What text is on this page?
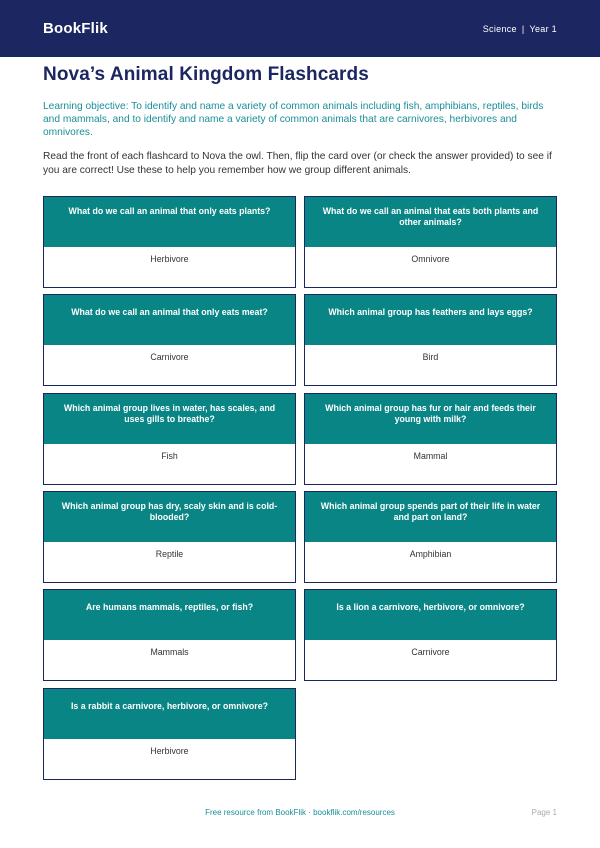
BookFlik	Science | Year 1
Nova’s Animal Kingdom Flashcards

Learning objective: To identify and name a variety of common animals including fish, amphibians, reptiles, birds and mammals, and to identify and name a variety of common animals that are carnivores, herbivores and omnivores.

Read the front of each flashcard to Nova the owl. Then, flip the card over (or check the answer provided) to see if you are correct! Use these to help you remember how we group different animals.

What do we call an animal that only eats plants?
Herbivore
What do we call an animal that eats both plants and other animals?
Omnivore
What do we call an animal that only eats meat?
Carnivore
Which animal group has feathers and lays eggs?
Bird
Which animal group lives in water, has scales, and uses gills to breathe?
Fish
Which animal group has fur or hair and feeds their young with milk?
Mammal
Which animal group has dry, scaly skin and is cold-blooded?
Reptile
Which animal group spends part of their life in water and part on land?
Amphibian
Are humans mammals, reptiles, or fish?
Mammals
Is a lion a carnivore, herbivore, or omnivore?
Carnivore
Is a rabbit a carnivore, herbivore, or omnivore?
Herbivore
Free resource from BookFlik · bookflik.com/resources	Page 1
